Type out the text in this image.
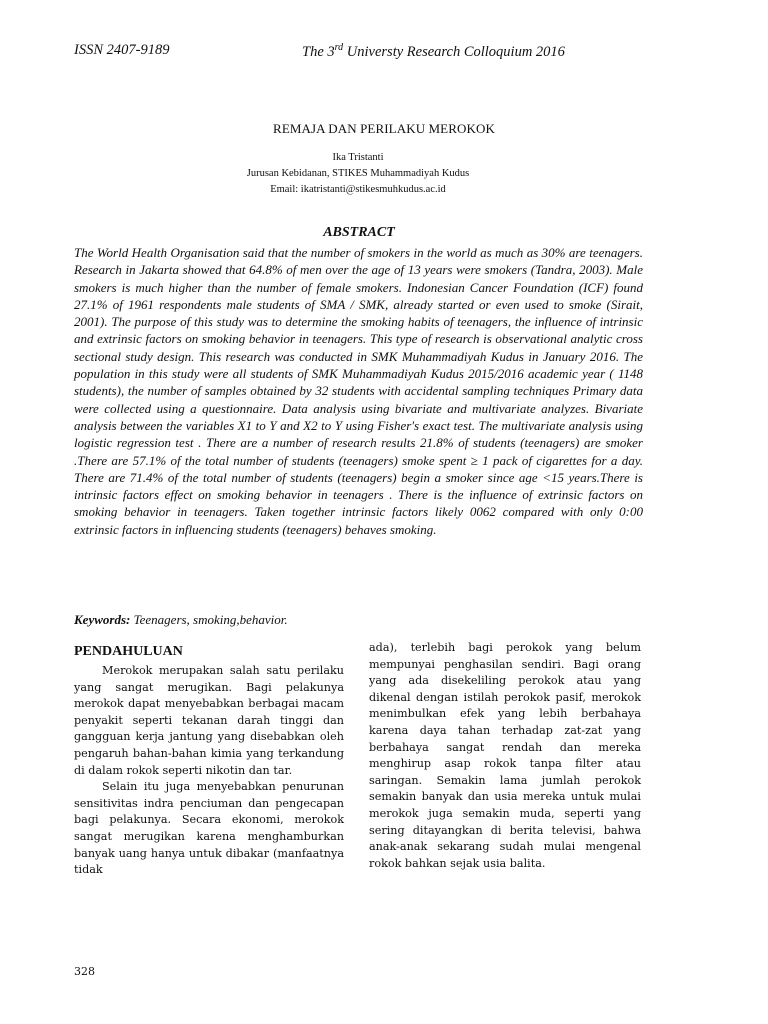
ISSN 2407-9189	The 3rd Universty Research Colloquium 2016
REMAJA DAN PERILAKU MEROKOK
Ika Tristanti
Jurusan Kebidanan, STIKES Muhammadiyah Kudus
Email: ikatristanti@stikesmuhkudus.ac.id
ABSTRACT
The World Health Organisation said that the number of smokers in the world as much as 30% are teenagers. Research in Jakarta showed that 64.8% of men over the age of 13 years were smokers (Tandra, 2003). Male smokers is much higher than the number of female smokers. Indonesian Cancer Foundation (ICF) found 27.1% of 1961 respondents male students of SMA / SMK, already started or even used to smoke (Sirait, 2001). The purpose of this study was to determine the smoking habits of teenagers, the influence of intrinsic and extrinsic factors on smoking behavior in teenagers. This type of research is observational analytic cross sectional study design. This research was conducted in SMK Muhammadiyah Kudus in January 2016. The population in this study were all students of SMK Muhammadiyah Kudus 2015/2016 academic year ( 1148 students), the number of samples obtained by 32 students with accidental sampling techniques Primary data were collected using a questionnaire. Data analysis using bivariate and multivariate analyzes. Bivariate analysis between the variables X1 to Y and X2 to Y using Fisher's exact test. The multivariate analysis using logistic regression test . There are a number of research results 21.8% of students (teenagers) are smoker .There are 57.1% of the total number of students (teenagers) smoke spent ≥ 1 pack of cigarettes for a day. There are 71.4% of the total number of students (teenagers) begin a smoker since age <15 years.There is intrinsic factors effect on smoking behavior in teenagers . There is the influence of extrinsic factors on smoking behavior in teenagers. Taken together intrinsic factors likely 0062 compared with only 0:00 extrinsic factors in influencing students (teenagers) behaves smoking.
Keywords: Teenagers, smoking,behavior.
PENDAHULUAN

Merokok merupakan salah satu perilaku yang sangat merugikan. Bagi pelakunya merokok dapat menyebabkan berbagai macam penyakit seperti tekanan darah tinggi dan gangguan kerja jantung yang disebabkan oleh pengaruh bahan-bahan kimia yang terkandung di dalam rokok seperti nikotin dan tar.

Selain itu juga menyebabkan penurunan sensitivitas indra penciuman dan pengecapan bagi pelakunya. Secara ekonomi, merokok sangat merugikan karena menghamburkan banyak uang hanya untuk dibakar (manfaatnya tidak

ada), terlebih bagi perokok yang belum mempunyai penghasilan sendiri. Bagi orang yang ada disekeliling perokok atau yang dikenal dengan istilah perokok pasif, merokok menimbulkan efek yang lebih berbahaya karena daya tahan terhadap zat-zat yang berbahaya sangat rendah dan mereka menghirup asap rokok tanpa filter atau saringan. Semakin lama jumlah perokok semakin banyak dan usia mereka untuk mulai merokok juga semakin muda, seperti yang sering ditayangkan di berita televisi, bahwa anak-anak sekarang sudah mulai mengenal rokok bahkan sejak usia balita.

328
